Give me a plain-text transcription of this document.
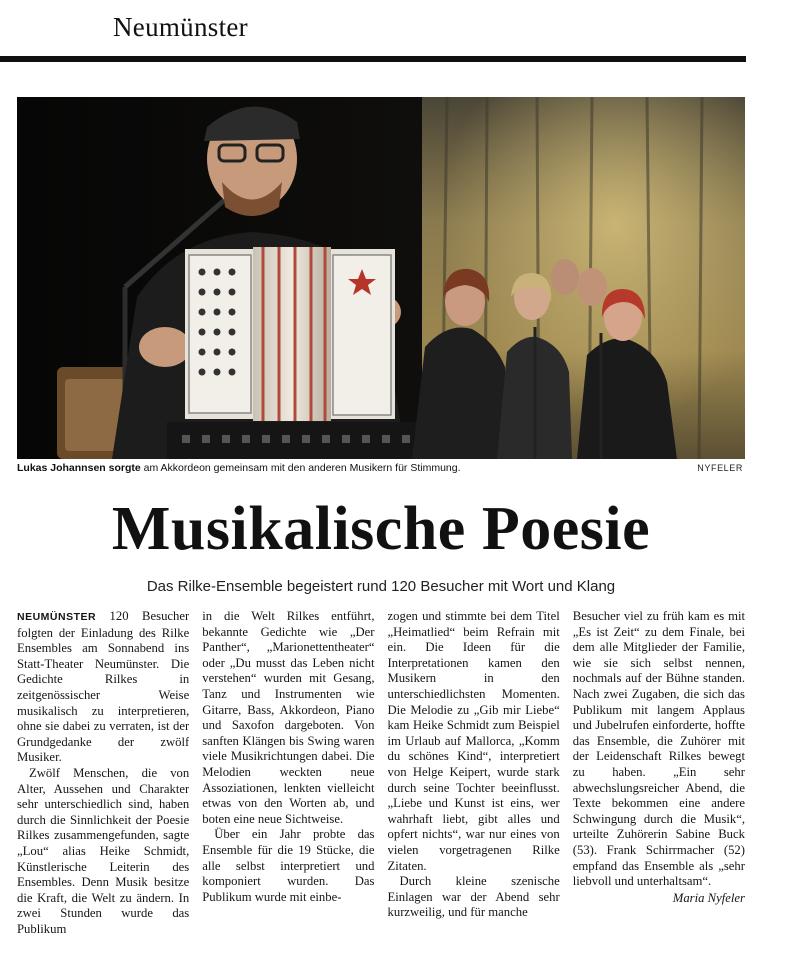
Neumünster
Lukas Johannsen sorgte am Akkordeon gemeinsam mit den anderen Musikern für Stimmung.	NYFELER
Musikalische Poesie
Das Rilke-Ensemble begeistert rund 120 Besucher mit Wort und Klang

NEUMÜNSTER 120 Besucher folgten der Einladung des Rilke Ensembles am Sonnabend ins Statt-Theater Neumünster. Die Gedichte Rilkes in zeitgenössischer Weise musikalisch zu interpretieren, ohne sie dabei zu verraten, ist der Grundgedanke der zwölf Musiker.

Zwölf Menschen, die von Alter, Aussehen und Charakter sehr unterschiedlich sind, haben durch die Sinnlichkeit der Poesie Rilkes zusammengefunden, sagte „Lou“ alias Heike Schmidt, Künstlerische Leiterin des Ensembles. Denn Musik besitze die Kraft, die Welt zu ändern. In zwei Stunden wurde das Publikum

in die Welt Rilkes entführt, bekannte Gedichte wie „Der Panther“, „Marionettentheater“ oder „Du musst das Leben nicht verstehen“ wurden mit Gesang, Tanz und Instrumenten wie Gitarre, Bass, Akkordeon, Piano und Saxofon dargeboten. Von sanften Klängen bis Swing waren viele Musikrichtungen dabei. Die Melodien weckten neue Assoziationen, lenkten vielleicht etwas von den Worten ab, und boten eine neue Sichtweise.

Über ein Jahr probte das Ensemble für die 19 Stücke, die alle selbst interpretiert und komponiert wurden. Das Publikum wurde mit einbe-

zogen und stimmte bei dem Titel „Heimatlied“ beim Refrain mit ein. Die Ideen für die Interpretationen kamen den Musikern in den unterschiedlichsten Momenten. Die Melodie zu „Gib mir Liebe“ kam Heike Schmidt zum Beispiel im Urlaub auf Mallorca, „Komm du schönes Kind“, interpretiert von Helge Keipert, wurde stark durch seine Tochter beeinflusst. „Liebe und Kunst ist eins, wer wahrhaft liebt, gibt alles und opfert nichts“, war nur eines von vielen vorgetragenen Rilke Zitaten.

Durch kleine szenische Einlagen war der Abend sehr kurzweilig, und für manche

Besucher viel zu früh kam es mit „Es ist Zeit“ zu dem Finale, bei dem alle Mitglieder der Familie, wie sie sich selbst nennen, nochmals auf der Bühne standen. Nach zwei Zugaben, die sich das Publikum mit langem Applaus und Jubelrufen einforderte, hoffte das Ensemble, die Zuhörer mit der Leidenschaft Rilkes bewegt zu haben. „Ein sehr abwechslungsreicher Abend, die Texte bekommen eine andere Schwingung durch die Musik“, urteilte Zuhörerin Sabine Buck (53). Frank Schirrmacher (52) empfand das Ensemble als „sehr liebvoll und unterhaltsam“.

Maria Nyfeler
